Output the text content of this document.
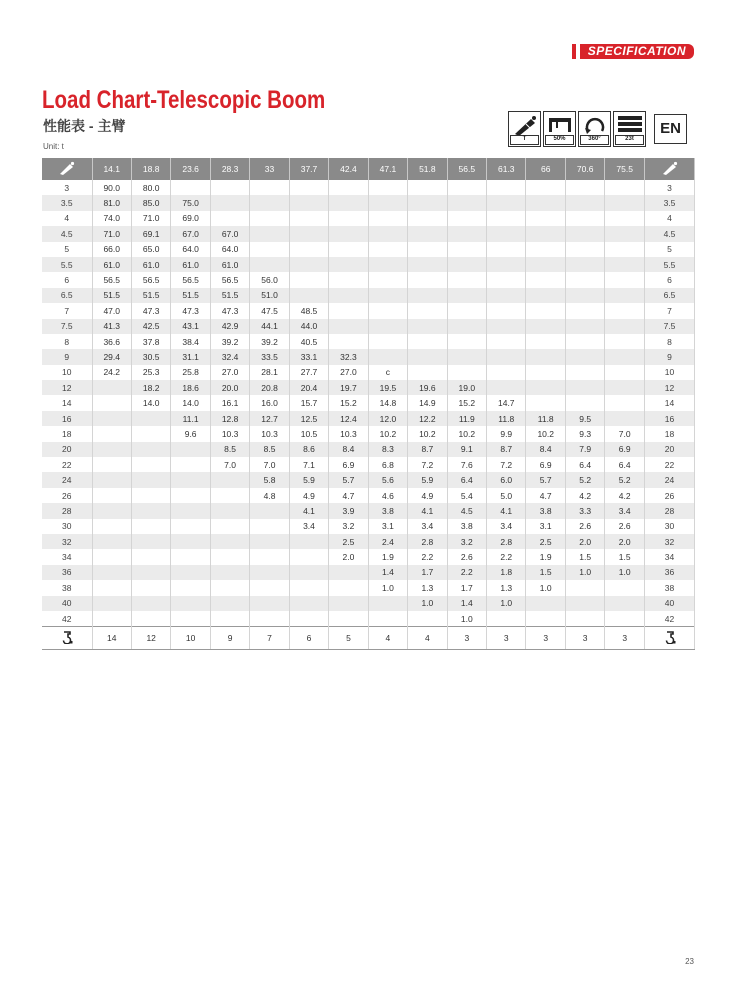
SPECIFICATION
Load Chart-Telescopic Boom
性能表 - 主臂
Unit: t
T	50%	360°	23t
EN
	14.1	18.8	23.6	28.3	33	37.7	42.4	47.1	51.8	56.5	61.3	66	70.6	75.5	
3	90.0	80.0													3
3.5	81.0	85.0	75.0												3.5
4	74.0	71.0	69.0												4
4.5	71.0	69.1	67.0	67.0											4.5
5	66.0	65.0	64.0	64.0											5
5.5	61.0	61.0	61.0	61.0											5.5
6	56.5	56.5	56.5	56.5	56.0										6
6.5	51.5	51.5	51.5	51.5	51.0										6.5
7	47.0	47.3	47.3	47.3	47.5	48.5									7
7.5	41.3	42.5	43.1	42.9	44.1	44.0									7.5
8	36.6	37.8	38.4	39.2	39.2	40.5									8
9	29.4	30.5	31.1	32.4	33.5	33.1	32.3								9
10	24.2	25.3	25.8	27.0	28.1	27.7	27.0	c							10
12		18.2	18.6	20.0	20.8	20.4	19.7	19.5	19.6	19.0					12
14		14.0	14.0	16.1	16.0	15.7	15.2	14.8	14.9	15.2	14.7				14
16			11.1	12.8	12.7	12.5	12.4	12.0	12.2	11.9	11.8	11.8	9.5		16
18			9.6	10.3	10.3	10.5	10.3	10.2	10.2	10.2	9.9	10.2	9.3	7.0	18
20				8.5	8.5	8.6	8.4	8.3	8.7	9.1	8.7	8.4	7.9	6.9	20
22				7.0	7.0	7.1	6.9	6.8	7.2	7.6	7.2	6.9	6.4	6.4	22
24					5.8	5.9	5.7	5.6	5.9	6.4	6.0	5.7	5.2	5.2	24
26					4.8	4.9	4.7	4.6	4.9	5.4	5.0	4.7	4.2	4.2	26
28						4.1	3.9	3.8	4.1	4.5	4.1	3.8	3.3	3.4	28
30						3.4	3.2	3.1	3.4	3.8	3.4	3.1	2.6	2.6	30
32							2.5	2.4	2.8	3.2	2.8	2.5	2.0	2.0	32
34							2.0	1.9	2.2	2.6	2.2	1.9	1.5	1.5	34
36								1.4	1.7	2.2	1.8	1.5	1.0	1.0	36
38								1.0	1.3	1.7	1.3	1.0			38
40									1.0	1.4	1.0				40
42										1.0					42
	14	12	10	9	7	6	5	4	4	3	3	3	3	3	
23
